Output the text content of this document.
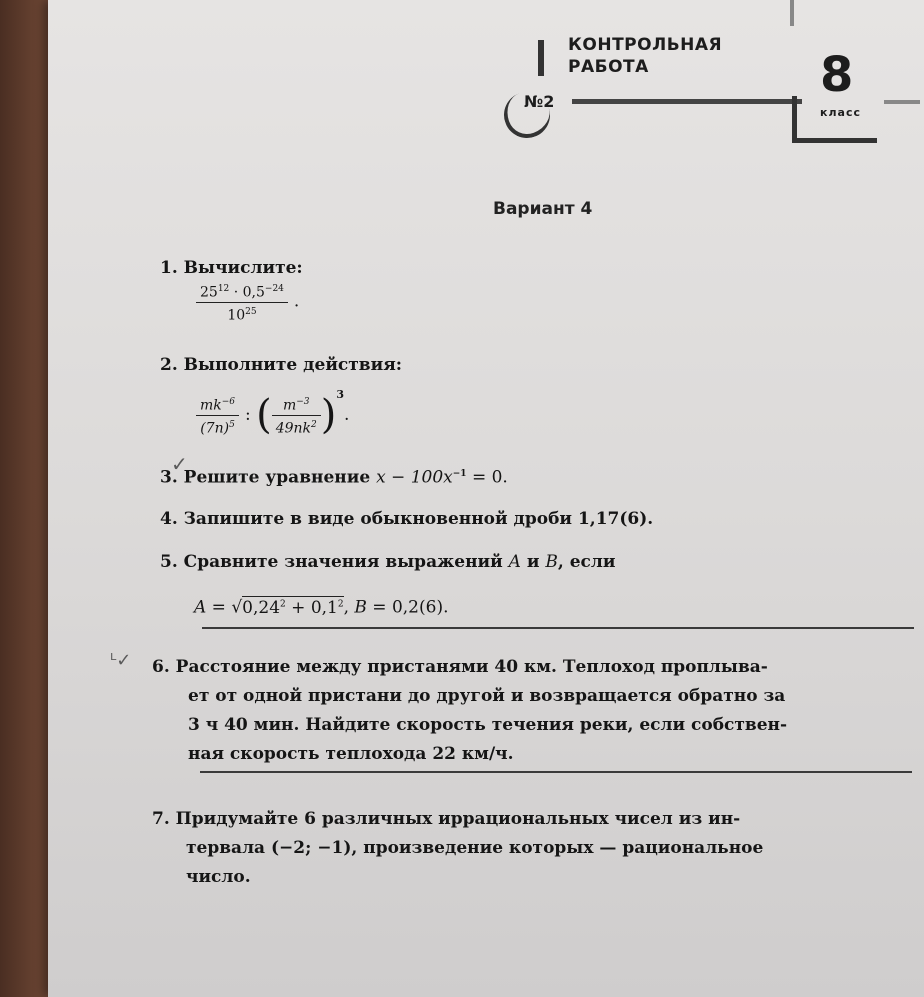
КОНТРОЛЬНАЯ
РАБОТА
№2	8
класс
Вариант 4
1. Вычислите:
$\frac{25^{12} \cdot 0,5^{-24}}{10^{25}}$ .
2. Выполните действия:
$\frac{mk^{-6}}{(7n)^5}$ : ( $\frac{m^{-3}}{49nk^2} )^3$.
3. Решите уравнение $x - 100x^{-1} = 0$.
✓
4. Запишите в виде обыкновенной дроби 1,17(6).
5. Сравните значения выражений A и B, если
$A = √0,24^2 + 0,1^2$, B = 0,2(6).
ᴸ✓ 6. Расстояние между пристанями 40 км. Теплоход проплыва-
ет от одной пристани до другой и возвращается обратно за
3 ч 40 мин. Найдите скорость течения реки, если собствен-
ная скорость теплохода 22 км/ч.
7. Придумайте 6 различных иррациональных чисел из ин-
тервала (−2; −1), произведение которых — рациональное
число.
